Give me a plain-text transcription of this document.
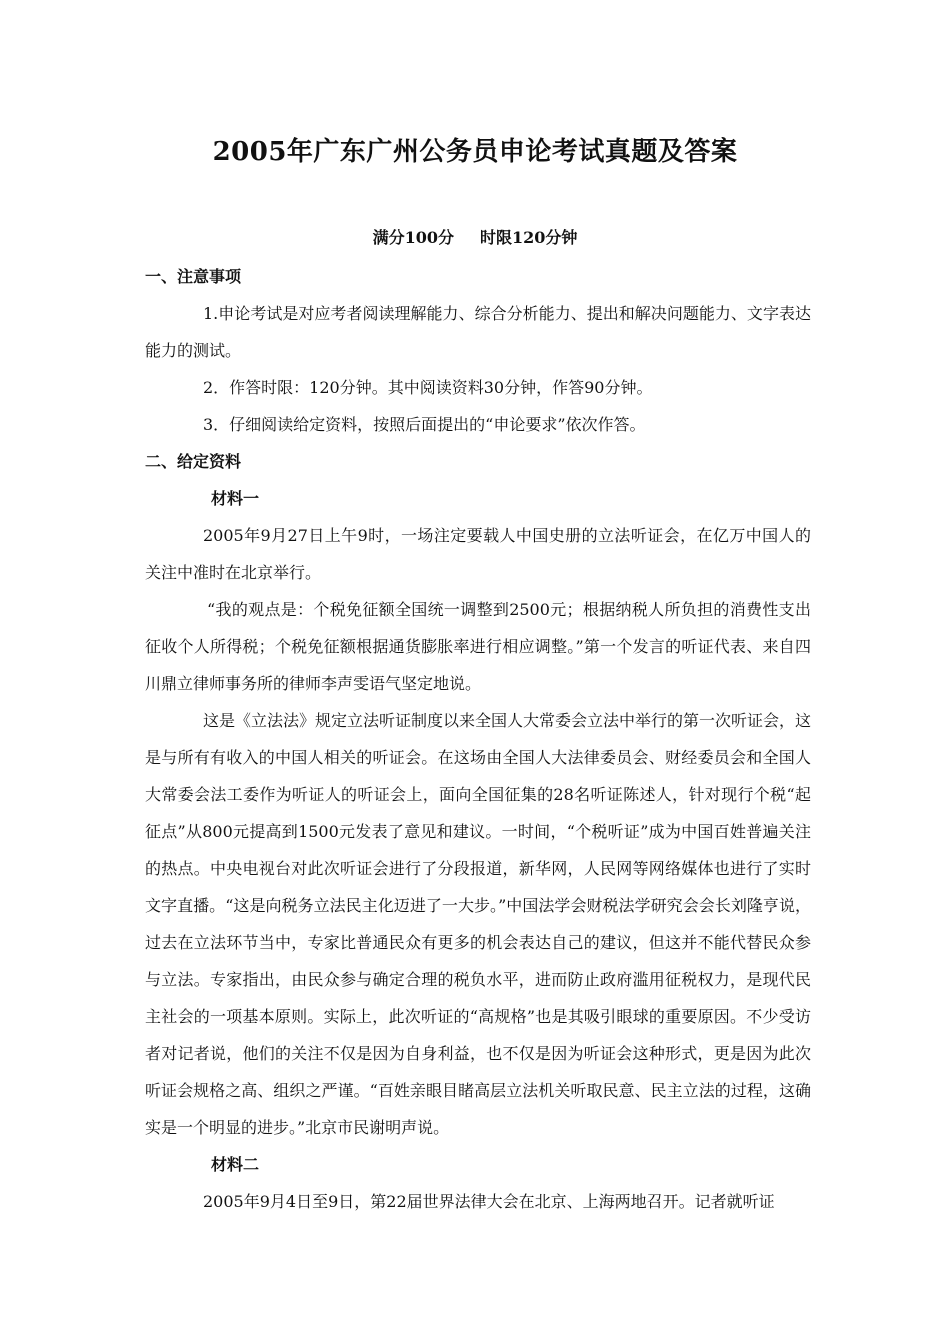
2005年广东广州公务员申论考试真题及答案
满分100分 时限120分钟

一、注意事项

1.申论考试是对应考者阅读理解能力、综合分析能力、提出和解决问题能力、文字表达能力的测试。

2．作答时限：120分钟。其中阅读资料30分钟，作答90分钟。

3．仔细阅读给定资料，按照后面提出的“申论要求”依次作答。

二、给定资料

材料一

2005年9月27日上午9时，一场注定要载人中国史册的立法听证会，在亿万中国人的关注中准时在北京举行。

“我的观点是：个税免征额全国统一调整到2500元；根据纳税人所负担的消费性支出征收个人所得税；个税免征额根据通货膨胀率进行相应调整。”第一个发言的听证代表、来自四川鼎立律师事务所的律师李声雯语气坚定地说。

这是《立法法》规定立法听证制度以来全国人大常委会立法中举行的第一次听证会，这是与所有有收入的中国人相关的听证会。在这场由全国人大法律委员会、财经委员会和全国人大常委会法工委作为听证人的听证会上，面向全国征集的28名听证陈述人，针对现行个税“起征点”从800元提高到1500元发表了意见和建议。一时间，“个税听证”成为中国百姓普遍关注的热点。中央电视台对此次听证会进行了分段报道，新华网，人民网等网络媒体也进行了实时文字直播。“这是向税务立法民主化迈进了一大步。”中国法学会财税法学研究会会长刘隆亨说，过去在立法环节当中，专家比普通民众有更多的机会表达自己的建议，但这并不能代替民众参与立法。专家指出，由民众参与确定合理的税负水平，进而防止政府滥用征税权力，是现代民主社会的一项基本原则。实际上，此次听证的“高规格”也是其吸引眼球的重要原因。不少受访者对记者说，他们的关注不仅是因为自身利益，也不仅是因为听证会这种形式，更是因为此次听证会规格之高、组织之严谨。“百姓亲眼目睹高层立法机关听取民意、民主立法的过程，这确实是一个明显的进步。”北京市民谢明声说。

材料二

2005年9月4日至9日，第22届世界法律大会在北京、上海两地召开。记者就听证
